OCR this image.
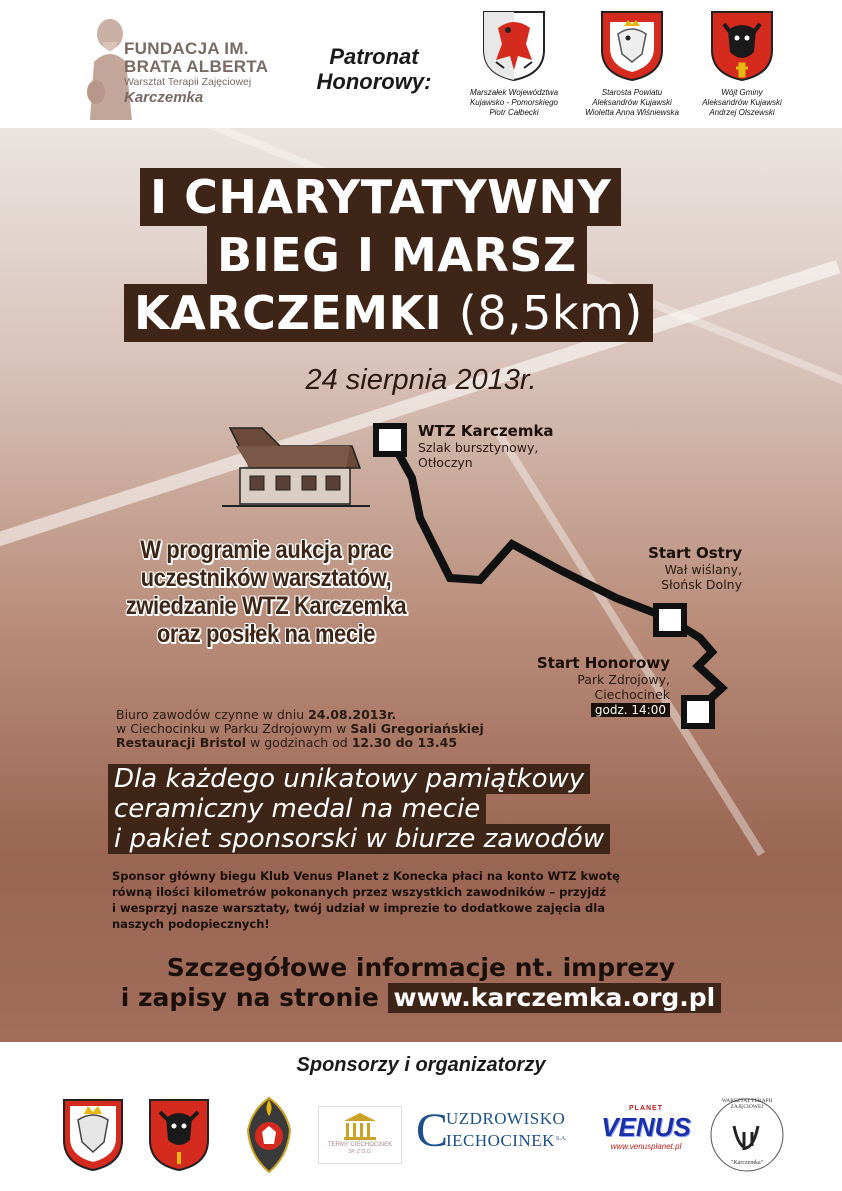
FUNDACJA IM.
BRATA ALBERTA
Warsztat Terapii Zajęciowej
Karczemka
Patronat
Honorowy:	Marszałek Województwa
Kujawsko - Pomorskiego
Piotr Całbecki
Starosta Powiatu
Aleksandrów Kujawski
Wioletta Anna Wiśniewska
Wójt Gminy
Aleksandrów Kujawski
Andrzej Olszewski
I CHARYTATYWNY
BIEG I MARSZ
KARCZEMKI (8,5km)
24 sierpnia 2013r.
WTZ Karczemka
Szlak bursztynowy,
Otłoczyn
Start Ostry
Wał wiślany,
Słońsk Dolny
Start Honorowy
Park Zdrojowy,
Ciechocinek
godz. 14:00
W programie aukcja prac
uczestników warsztatów,
zwiedzanie WTZ Karczemka
oraz posiłek na mecie
Biuro zawodów czynne w dniu 24.08.2013r.
w Ciechocinku w Parku Zdrojowym w Sali Gregoriańskiej
Restauracji Bristol w godzinach od 12.30 do 13.45
Dla każdego unikatowy pamiątkowy
ceramiczny medal na mecie
i pakiet sponsorski w biurze zawodów
Sponsor główny biegu Klub Venus Planet z Konecka płaci na konto WTZ kwotę
równą ilości kilometrów pokonanych przez wszystkich zawodników – przyjdź
i wesprzyj nasze warsztaty, twój udział w imprezie to dodatkowe zajęcia dla
naszych podopiecznych!
Szczegółowe informacje nt. imprezy
i zapisy na stronie www.karczemka.org.pl
Sponsorzy i organizatorzy
TERMY CIECHOCINEK
SP. Z O.O. C
UZDROWISKO
IECHOCINEK S.A.
PLANET
VENUS
www.venusplanet.pl
WARSZTAT TERAPII ZAJĘCIOWEJ
"Karczemka"
